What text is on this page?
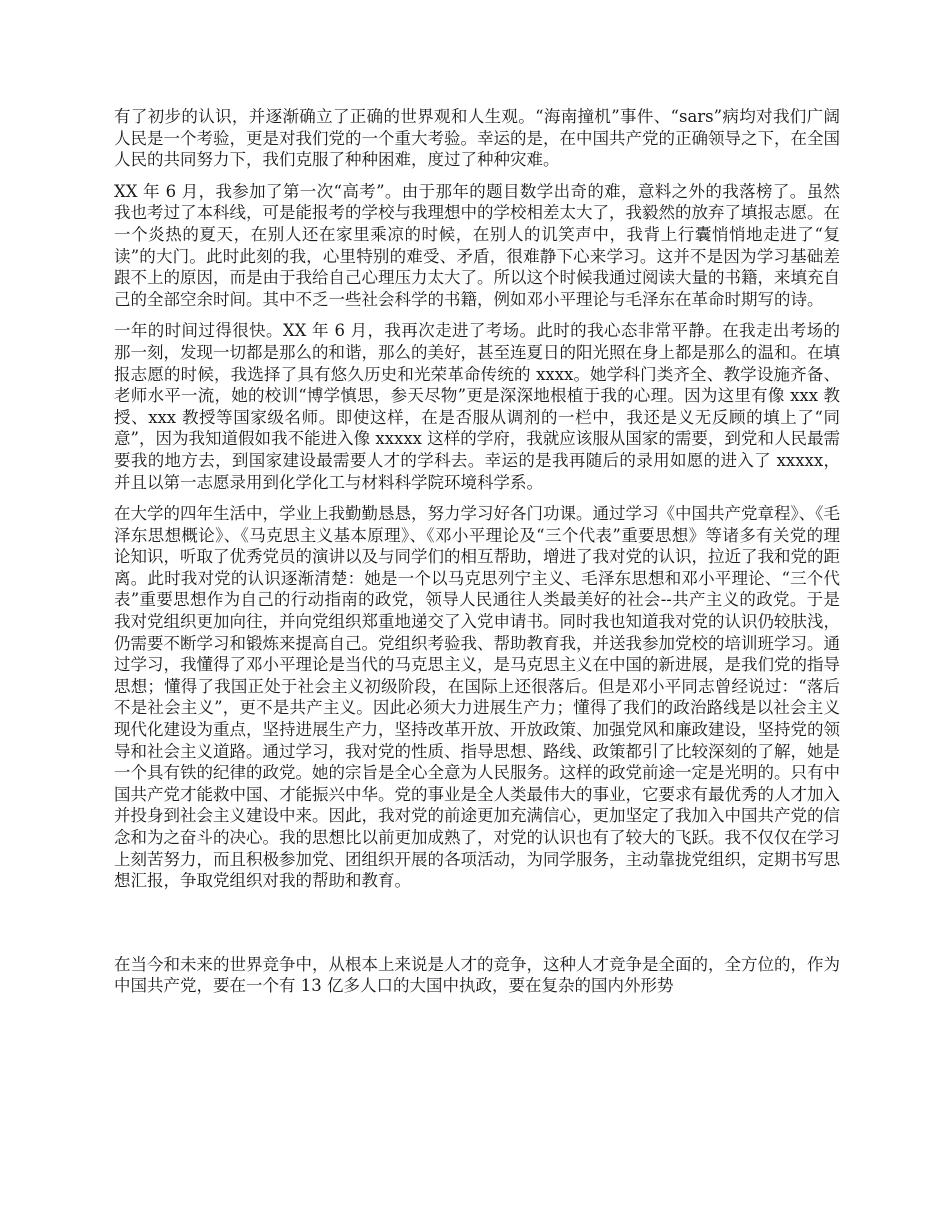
有了初步的认识，并逐渐确立了正确的世界观和人生观。“海南撞机”事件、“sars”病均对我们广阔人民是一个考验，更是对我们党的一个重大考验。幸运的是，在中国共产党的正确领导之下，在全国人民的共同努力下，我们克服了种种困难，度过了种种灾难。

XX 年 6 月，我参加了第一次“高考”。由于那年的题目数学出奇的难，意料之外的我落榜了。虽然我也考过了本科线，可是能报考的学校与我理想中的学校相差太大了，我毅然的放弃了填报志愿。在一个炎热的夏天，在别人还在家里乘凉的时候，在别人的讥笑声中，我背上行囊悄悄地走进了“复读”的大门。此时此刻的我，心里特别的难受、矛盾，很难静下心来学习。这并不是因为学习基础差跟不上的原因，而是由于我给自己心理压力太大了。所以这个时候我通过阅读大量的书籍，来填充自己的全部空余时间。其中不乏一些社会科学的书籍，例如邓小平理论与毛泽东在革命时期写的诗。

一年的时间过得很快。XX 年 6 月，我再次走进了考场。此时的我心态非常平静。在我走出考场的那一刻，发现一切都是那么的和谐，那么的美好，甚至连夏日的阳光照在身上都是那么的温和。在填报志愿的时候，我选择了具有悠久历史和光荣革命传统的 xxxx。她学科门类齐全、教学设施齐备、老师水平一流，她的校训“博学慎思，参天尽物”更是深深地根植于我的心理。因为这里有像 xxx 教授、xxx 教授等国家级名师。即使这样，在是否服从调剂的一栏中，我还是义无反顾的填上了“同意”，因为我知道假如我不能进入像 xxxxx 这样的学府，我就应该服从国家的需要，到党和人民最需要我的地方去，到国家建设最需要人才的学科去。幸运的是我再随后的录用如愿的进入了 xxxxx，并且以第一志愿录用到化学化工与材料科学院环境科学系。

在大学的四年生活中，学业上我勤勤恳恳，努力学习好各门功课。通过学习《中国共产党章程》、《毛泽东思想概论》、《马克思主义基本原理》、《邓小平理论及“三个代表”重要思想》等诸多有关党的理论知识，听取了优秀党员的演讲以及与同学们的相互帮助，增进了我对党的认识，拉近了我和党的距离。此时我对党的认识逐渐清楚：她是一个以马克思列宁主义、毛泽东思想和邓小平理论、“三个代表”重要思想作为自己的行动指南的政党，领导人民通往人类最美好的社会--共产主义的政党。于是我对党组织更加向往，并向党组织郑重地递交了入党申请书。同时我也知道我对党的认识仍较肤浅，仍需要不断学习和锻炼来提高自己。党组织考验我、帮助教育我，并送我参加党校的培训班学习。通过学习，我懂得了邓小平理论是当代的马克思主义，是马克思主义在中国的新进展，是我们党的指导思想；懂得了我国正处于社会主义初级阶段，在国际上还很落后。但是邓小平同志曾经说过：“落后不是社会主义”，更不是共产主义。因此必须大力进展生产力；懂得了我们的政治路线是以社会主义现代化建设为重点，坚持进展生产力，坚持改革开放、开放政策、加强党风和廉政建设，坚持党的领导和社会主义道路。通过学习，我对党的性质、指导思想、路线、政策都引了比较深刻的了解，她是一个具有铁的纪律的政党。她的宗旨是全心全意为人民服务。这样的政党前途一定是光明的。只有中国共产党才能救中国、才能振兴中华。党的事业是全人类最伟大的事业，它要求有最优秀的人才加入并投身到社会主义建设中来。因此，我对党的前途更加充满信心，更加坚定了我加入中国共产党的信念和为之奋斗的决心。我的思想比以前更加成熟了，对党的认识也有了较大的飞跃。我不仅仅在学习上刻苦努力，而且积极参加党、团组织开展的各项活动，为同学服务，主动靠拢党组织，定期书写思想汇报，争取党组织对我的帮助和教育。

在当今和未来的世界竞争中，从根本上来说是人才的竞争，这种人才竞争是全面的，全方位的，作为中国共产党，要在一个有 13 亿多人口的大国中执政，要在复杂的国内外形势
